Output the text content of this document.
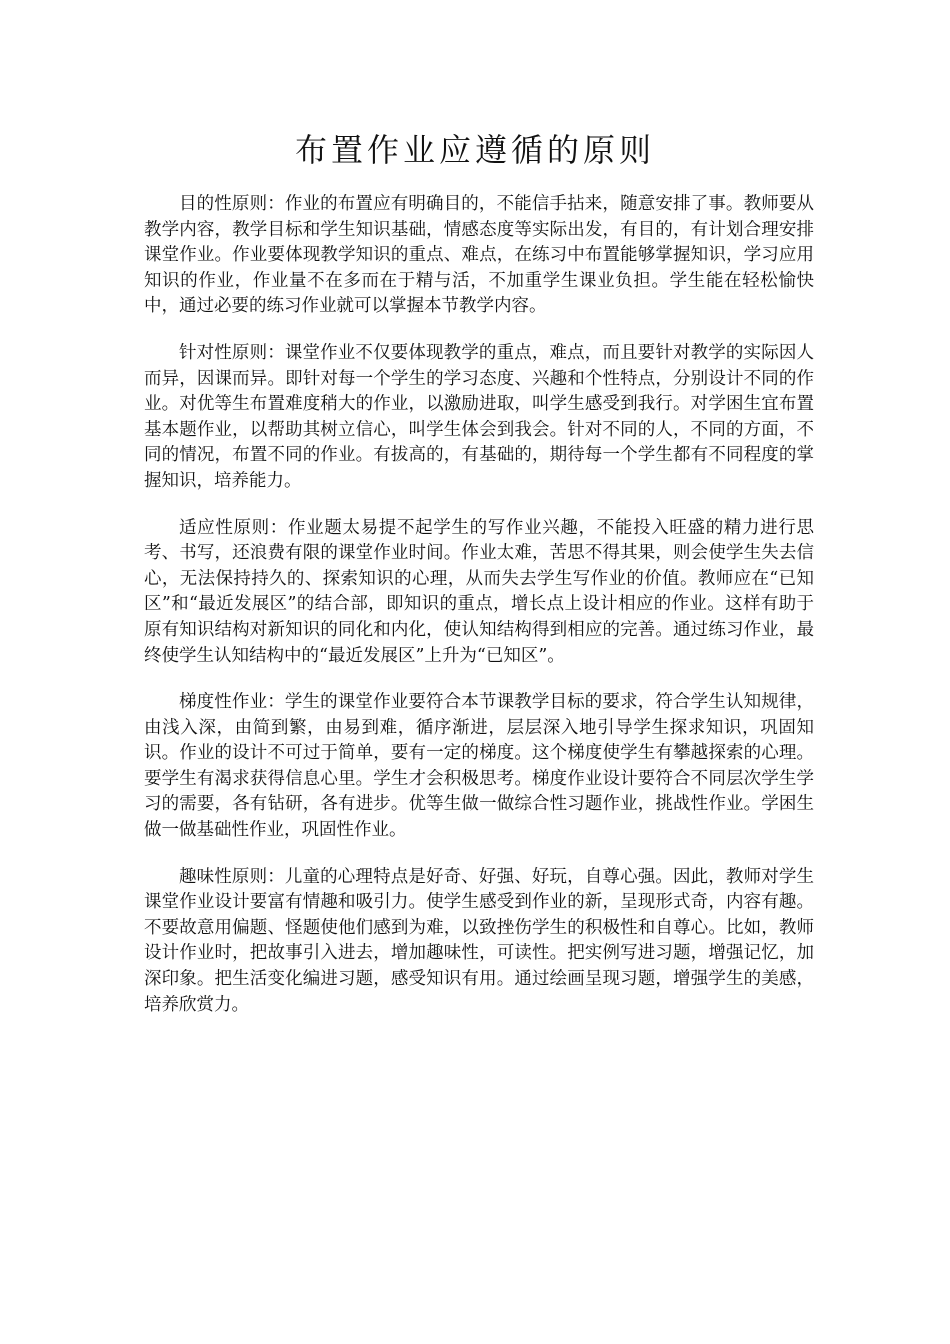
布置作业应遵循的原则

目的性原则：作业的布置应有明确目的，不能信手拈来，随意安排了事。教师要从教学内容，教学目标和学生知识基础，情感态度等实际出发，有目的，有计划合理安排课堂作业。作业要体现教学知识的重点、难点，在练习中布置能够掌握知识，学习应用知识的作业，作业量不在多而在于精与活，不加重学生课业负担。学生能在轻松愉快中，通过必要的练习作业就可以掌握本节教学内容。

针对性原则：课堂作业不仅要体现教学的重点，难点，而且要针对教学的实际因人而异，因课而异。即针对每一个学生的学习态度、兴趣和个性特点，分别设计不同的作业。对优等生布置难度稍大的作业，以激励进取，叫学生感受到我行。对学困生宜布置基本题作业，以帮助其树立信心，叫学生体会到我会。针对不同的人，不同的方面，不同的情况，布置不同的作业。有拔高的，有基础的，期待每一个学生都有不同程度的掌握知识，培养能力。

适应性原则：作业题太易提不起学生的写作业兴趣，不能投入旺盛的精力进行思考、书写，还浪费有限的课堂作业时间。作业太难，苦思不得其果，则会使学生失去信心，无法保持持久的、探索知识的心理，从而失去学生写作业的价值。教师应在“已知区”和“最近发展区”的结合部，即知识的重点，增长点上设计相应的作业。这样有助于原有知识结构对新知识的同化和内化，使认知结构得到相应的完善。通过练习作业，最终使学生认知结构中的“最近发展区”上升为“已知区”。

梯度性作业：学生的课堂作业要符合本节课教学目标的要求，符合学生认知规律，由浅入深，由简到繁，由易到难，循序渐进，层层深入地引导学生探求知识，巩固知识。作业的设计不可过于简单，要有一定的梯度。这个梯度使学生有攀越探索的心理。要学生有渴求获得信息心里。学生才会积极思考。梯度作业设计要符合不同层次学生学习的需要，各有钻研，各有进步。优等生做一做综合性习题作业，挑战性作业。学困生做一做基础性作业，巩固性作业。

趣味性原则：儿童的心理特点是好奇、好强、好玩，自尊心强。因此，教师对学生课堂作业设计要富有情趣和吸引力。使学生感受到作业的新，呈现形式奇，内容有趣。不要故意用偏题、怪题使他们感到为难，以致挫伤学生的积极性和自尊心。比如，教师设计作业时，把故事引入进去，增加趣味性，可读性。把实例写进习题，增强记忆，加深印象。把生活变化编进习题，感受知识有用。通过绘画呈现习题，增强学生的美感，培养欣赏力。
